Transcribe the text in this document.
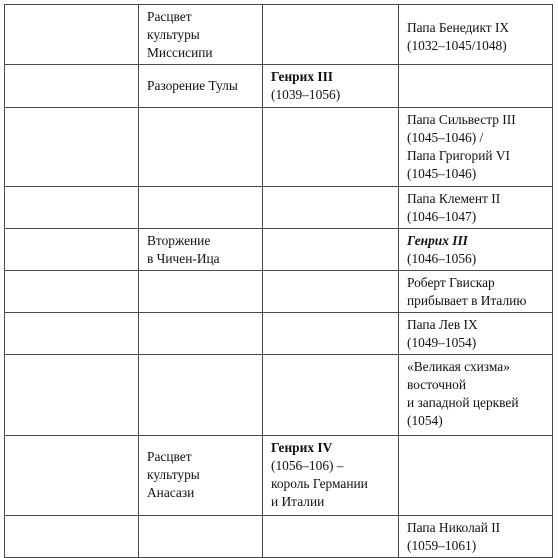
	Расцвет
культуры
Миссисипи		Папа Бенедикт IX
(1032–1045/1048)
	Разорение Тулы	Генрих III
(1039–1056)	
			Папа Сильвестр III
(1045–1046) /
Папа Григорий VI
(1045–1046)
			Папа Клемент II
(1046–1047)
	Вторжение
в Чичен-Ица		Генрих III
(1046–1056)
			Роберт Гвискар
прибывает в Италию
			Папа Лев IX
(1049–1054)
			«Великая схизма»
восточной
и западной церквей
(1054)
	Расцвет
культуры
Анасази	Генрих IV
(1056–106) –
король Германии
и Италии	
			Папа Николай II
(1059–1061)
